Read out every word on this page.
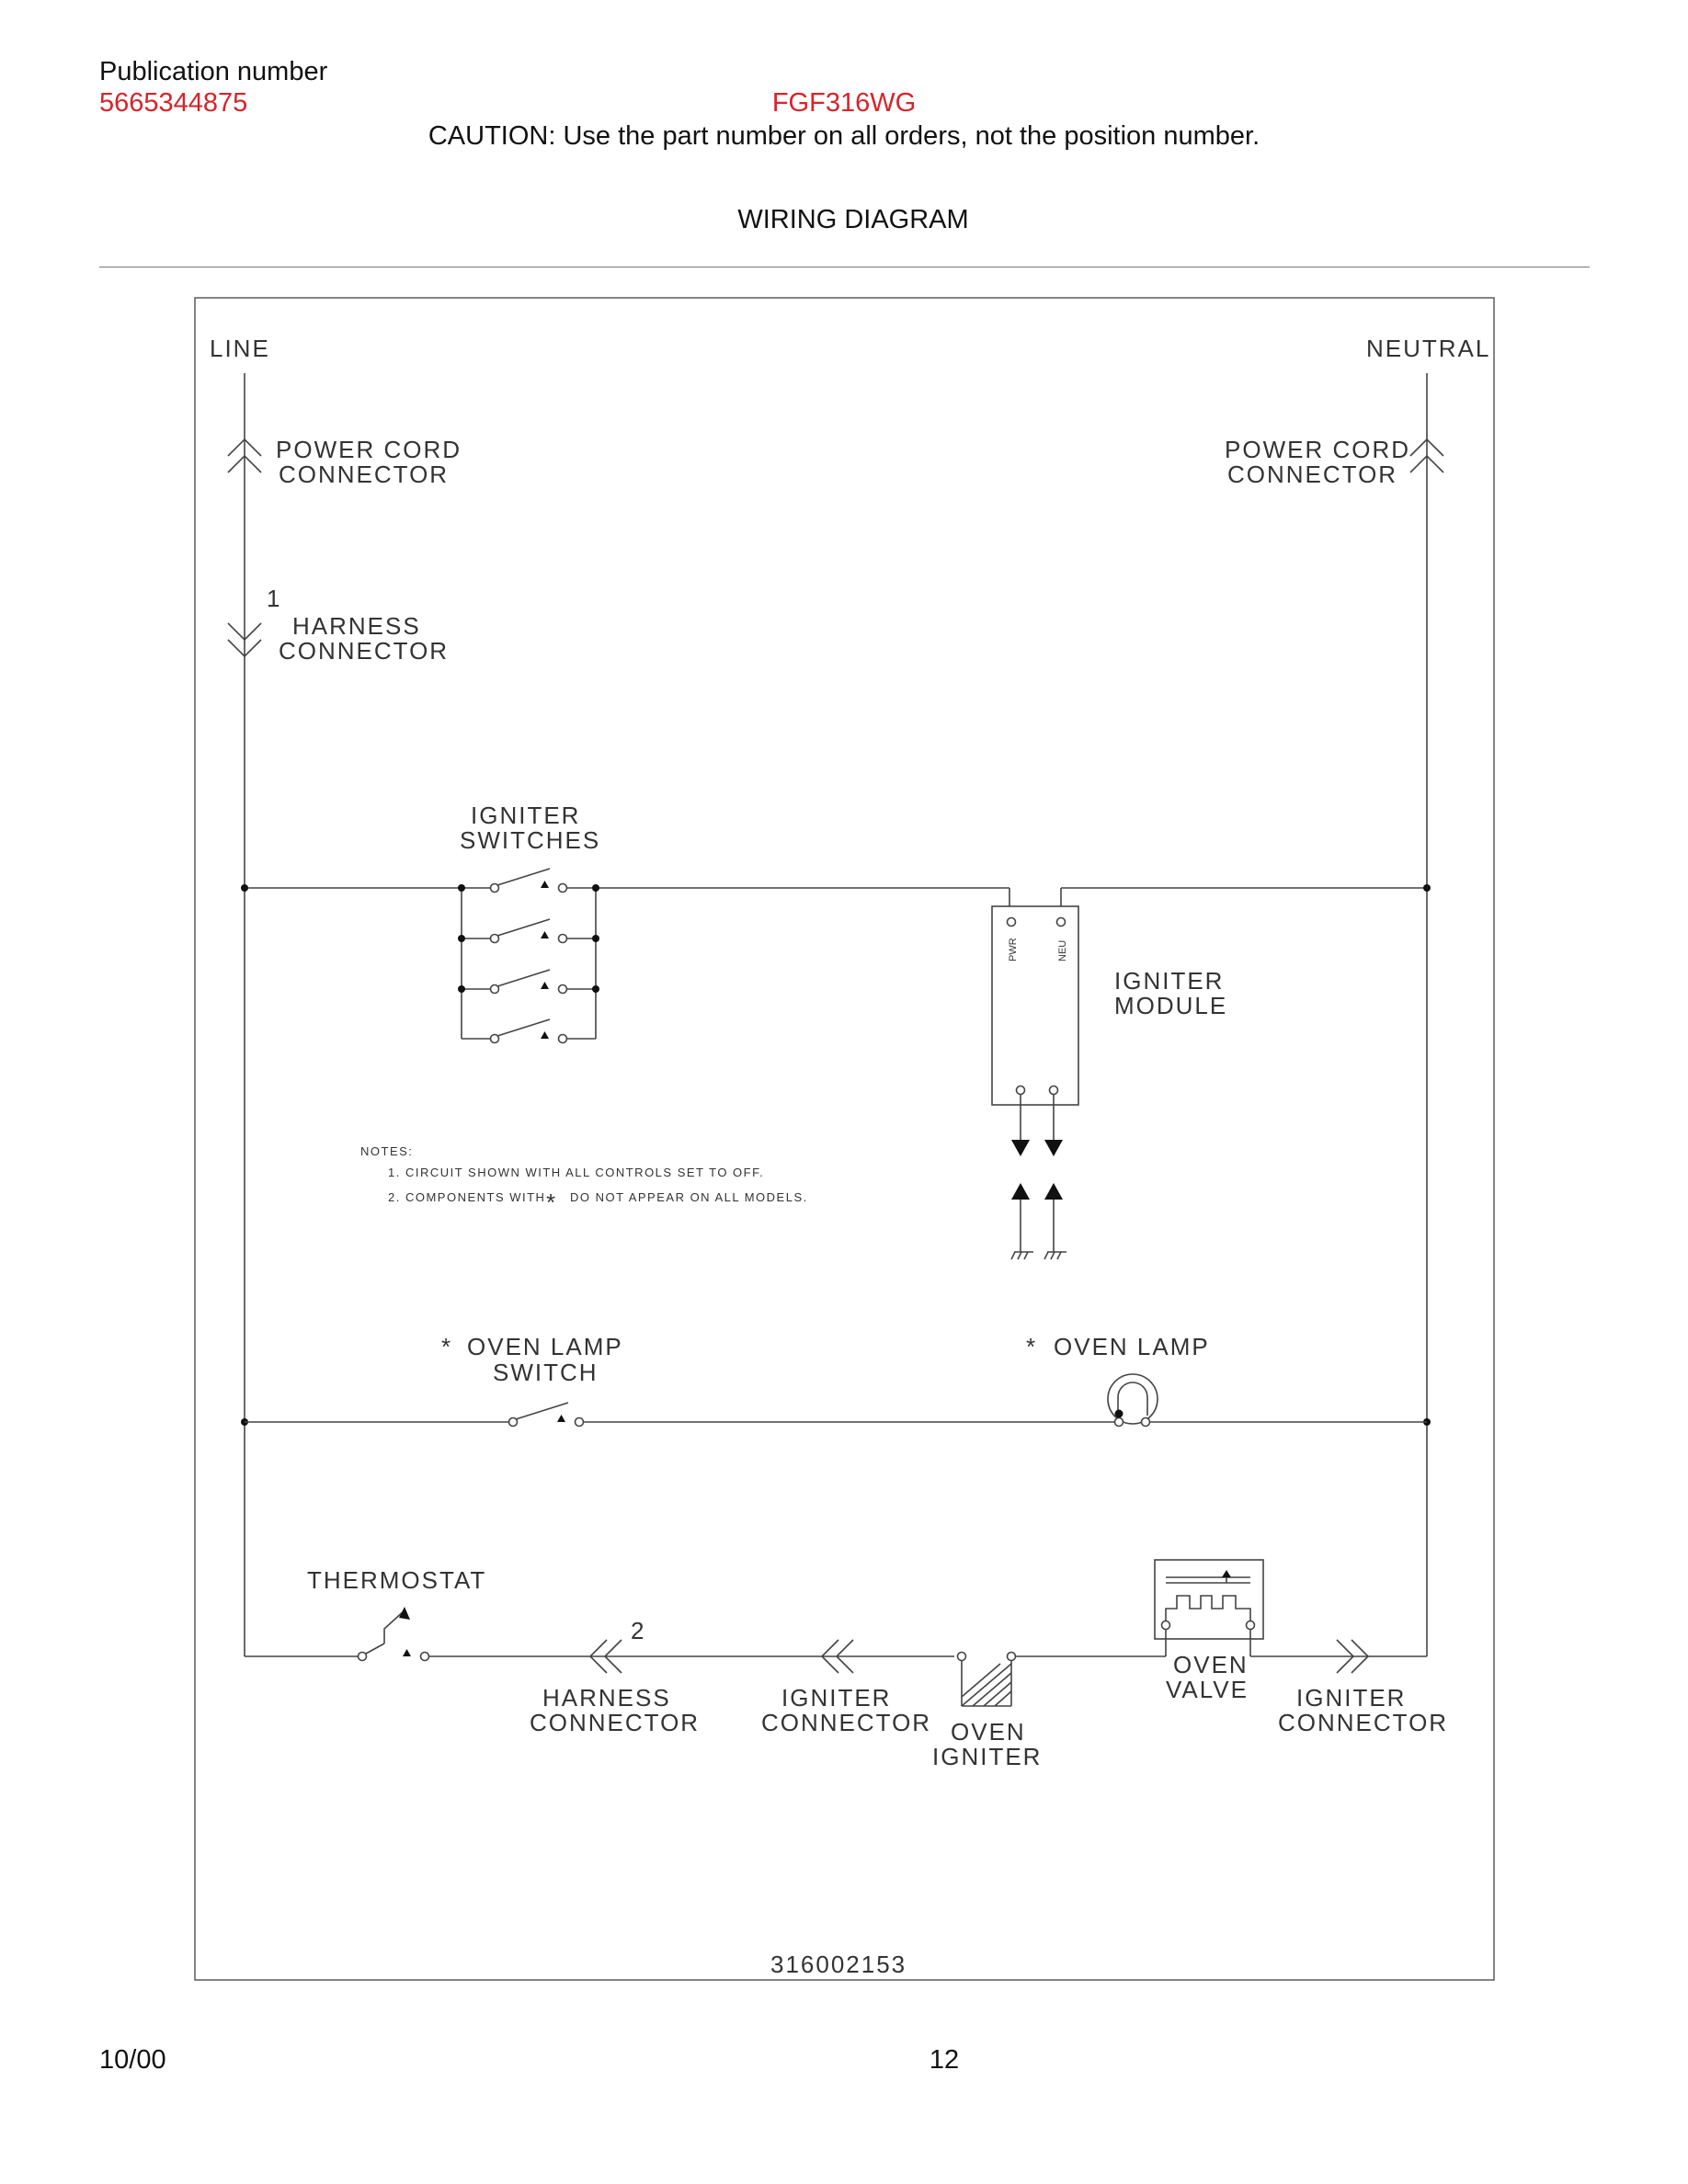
Publication number
5665344875	FGF316WG
CAUTION: Use the part number on all orders, not the position number.
WIRING DIAGRAM
LINE	NEUTRAL
POWER CORD
CONNECTOR
POWER CORD
CONNECTOR
1
HARNESS
CONNECTOR
IGNITER
SWITCHES
PWR	NEU
IGNITER
MODULE
NOTES:
1. CIRCUIT SHOWN WITH ALL CONTROLS SET TO OFF.
2. COMPONENTS WITH * DO NOT APPEAR ON ALL MODELS.
* OVEN LAMP
SWITCH
* OVEN LAMP
THERMOSTAT
2
HARNESS
CONNECTOR
IGNITER
CONNECTOR OVEN
IGNITER
OVEN
VALVE IGNITER
CONNECTOR
316002153
10/00	12
